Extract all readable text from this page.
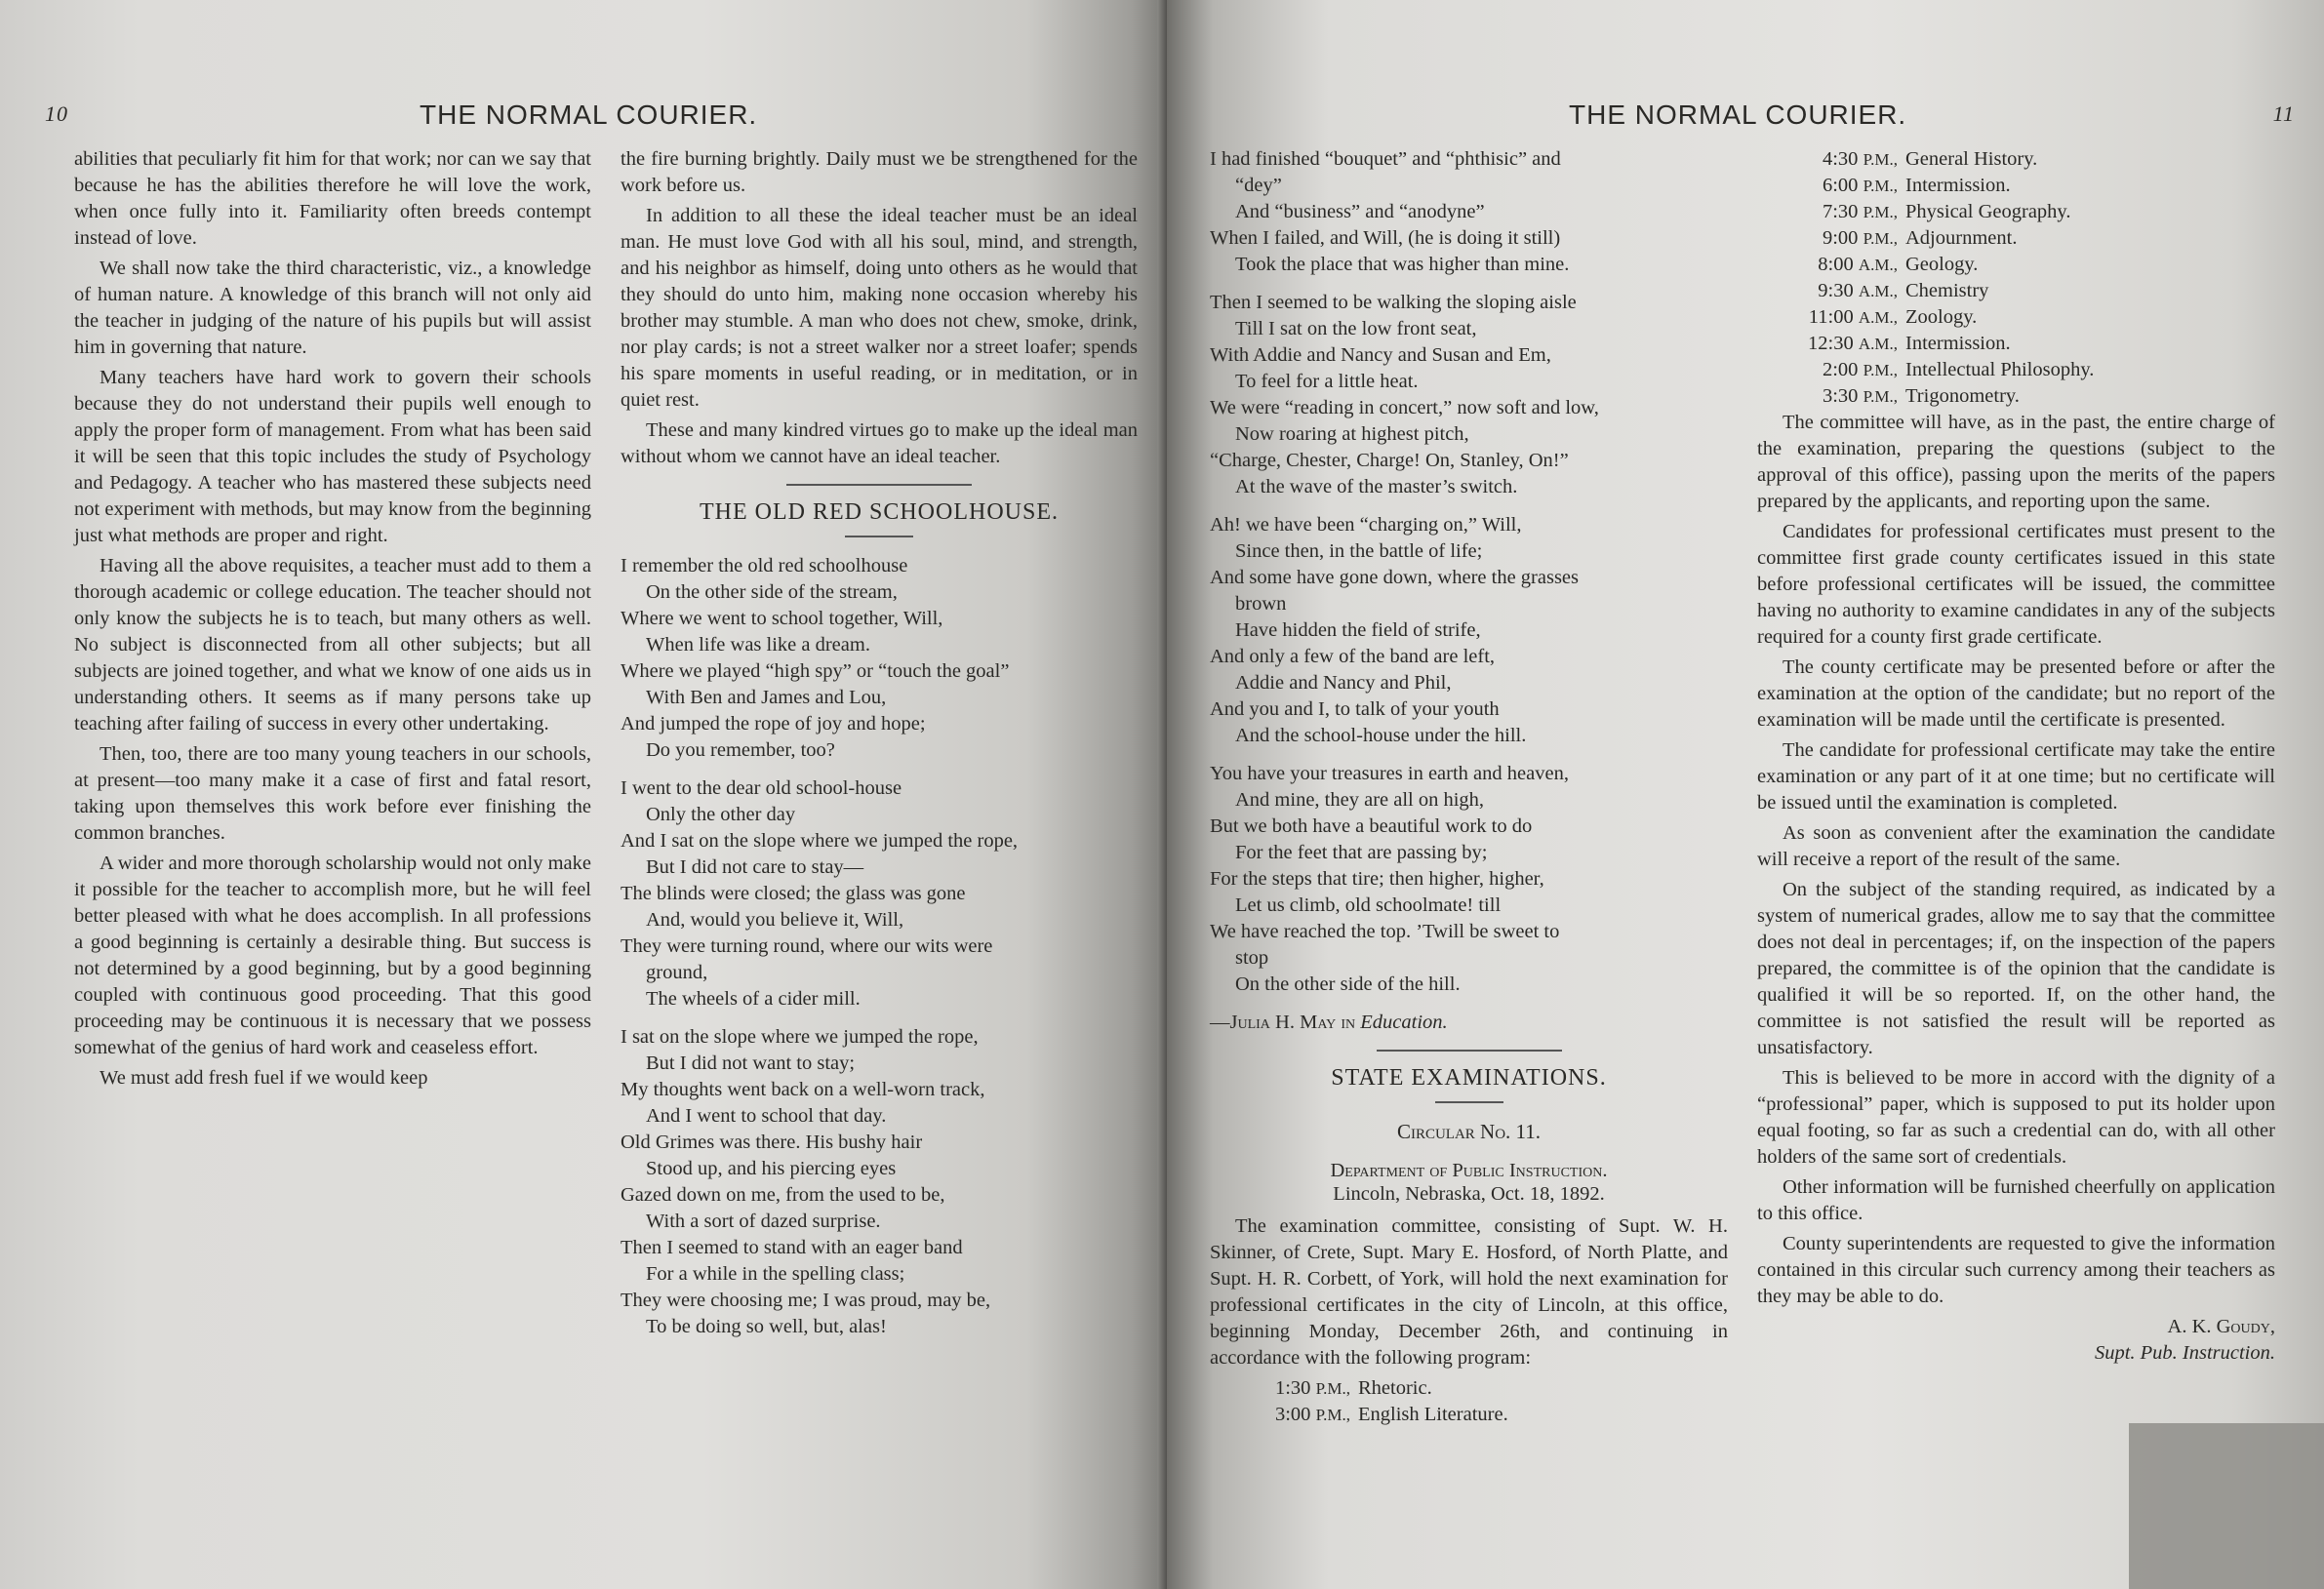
10	THE NORMAL COURIER.

abilities that peculiarly fit him for that work; nor can we say that because he has the abilities therefore he will love the work, when once fully into it. Familiarity often breeds contempt instead of love.

We shall now take the third characteristic, viz., a knowledge of human nature. A knowledge of this branch will not only aid the teacher in judging of the nature of his pupils but will assist him in governing that nature.

Many teachers have hard work to govern their schools because they do not understand their pupils well enough to apply the proper form of management. From what has been said it will be seen that this topic includes the study of Psychology and Pedagogy. A teacher who has mastered these subjects need not experiment with methods, but may know from the beginning just what methods are proper and right.

Having all the above requisites, a teacher must add to them a thorough academic or college education. The teacher should not only know the subjects he is to teach, but many others as well. No subject is disconnected from all other subjects; but all subjects are joined together, and what we know of one aids us in understanding others. It seems as if many persons take up teaching after failing of success in every other undertaking.

Then, too, there are too many young teachers in our schools, at present—too many make it a case of first and fatal resort, taking upon themselves this work before ever finishing the common branches.

A wider and more thorough scholarship would not only make it possible for the teacher to accomplish more, but he will feel better pleased with what he does accomplish. In all professions a good beginning is certainly a desirable thing. But success is not determined by a good beginning, but by a good beginning coupled with continuous good proceeding. That this good proceeding may be continuous it is necessary that we possess somewhat of the genius of hard work and ceaseless effort.

We must add fresh fuel if we would keep

the fire burning brightly. Daily must we be strengthened for the work before us.

In addition to all these the ideal teacher must be an ideal man. He must love God with all his soul, mind, and strength, and his neighbor as himself, doing unto others as he would that they should do unto him, making none occasion whereby his brother may stumble. A man who does not chew, smoke, drink, nor play cards; is not a street walker nor a street loafer; spends his spare moments in useful reading, or in meditation, or in quiet rest.

These and many kindred virtues go to make up the ideal man without whom we cannot have an ideal teacher.

THE OLD RED SCHOOLHOUSE.
I remember the old red schoolhouse
On the other side of the stream,
Where we went to school together, Will,
When life was like a dream.
Where we played “high spy” or “touch the goal”
With Ben and James and Lou,
And jumped the rope of joy and hope;
Do you remember, too?
I went to the dear old school-house
Only the other day
And I sat on the slope where we jumped the rope,
But I did not care to stay—
The blinds were closed; the glass was gone
And, would you believe it, Will,
They were turning round, where our wits were
ground,
The wheels of a cider mill.
I sat on the slope where we jumped the rope,
But I did not want to stay;
My thoughts went back on a well-worn track,
And I went to school that day.
Old Grimes was there. His bushy hair
Stood up, and his piercing eyes
Gazed down on me, from the used to be,
With a sort of dazed surprise.
Then I seemed to stand with an eager band
For a while in the spelling class;
They were choosing me; I was proud, may be,
To be doing so well, but, alas!
THE NORMAL COURIER.	11
I had finished “bouquet” and “phthisic” and
“dey”
And “business” and “anodyne”
When I failed, and Will, (he is doing it still)
Took the place that was higher than mine.
Then I seemed to be walking the sloping aisle
Till I sat on the low front seat,
With Addie and Nancy and Susan and Em,
To feel for a little heat.
We were “reading in concert,” now soft and low,
Now roaring at highest pitch,
“Charge, Chester, Charge! On, Stanley, On!”
At the wave of the master’s switch.
Ah! we have been “charging on,” Will,
Since then, in the battle of life;
And some have gone down, where the grasses
brown
Have hidden the field of strife,
And only a few of the band are left,
Addie and Nancy and Phil,
And you and I, to talk of your youth
And the school-house under the hill.
You have your treasures in earth and heaven,
And mine, they are all on high,
But we both have a beautiful work to do
For the feet that are passing by;
For the steps that tire; then higher, higher,
Let us climb, old schoolmate! till
We have reached the top. ’Twill be sweet to
stop
On the other side of the hill.
—Julia H. May in Education.
STATE EXAMINATIONS.
Circular No. 11.
Department of Public Instruction.
Lincoln, Nebraska, Oct. 18, 1892.

The examination committee, consisting of Supt. W. H. Skinner, of Crete, Supt. Mary E. Hosford, of North Platte, and Supt. H. R. Corbett, of York, will hold the next examination for professional certificates in the city of Lincoln, at this office, beginning Monday, December 26th, and continuing in accordance with the following program:

1:30 P.M., Rhetoric.
3:00 P.M., English Literature.
4:30 P.M., General History.
6:00 P.M., Intermission.
7:30 P.M., Physical Geography.
9:00 P.M., Adjournment.
8:00 A.M., Geology.
9:30 A.M., Chemistry
11:00 A.M., Zoology.
12:30 A.M., Intermission.
2:00 P.M., Intellectual Philosophy.
3:30 P.M., Trigonometry.

The committee will have, as in the past, the entire charge of the examination, preparing the questions (subject to the approval of this office), passing upon the merits of the papers prepared by the applicants, and reporting upon the same.

Candidates for professional certificates must present to the committee first grade county certificates issued in this state before professional certificates will be issued, the committee having no authority to examine candidates in any of the subjects required for a county first grade certificate.

The county certificate may be presented before or after the examination at the option of the candidate; but no report of the examination will be made until the certificate is presented.

The candidate for professional certificate may take the entire examination or any part of it at one time; but no certificate will be issued until the examination is completed.

As soon as convenient after the examination the candidate will receive a report of the result of the same.

On the subject of the standing required, as indicated by a system of numerical grades, allow me to say that the committee does not deal in percentages; if, on the inspection of the papers prepared, the committee is of the opinion that the candidate is qualified it will be so reported. If, on the other hand, the committee is not satisfied the result will be reported as unsatisfactory.

This is believed to be more in accord with the dignity of a “professional” paper, which is supposed to put its holder upon equal footing, so far as such a credential can do, with all other holders of the same sort of credentials.

Other information will be furnished cheerfully on application to this office.

County superintendents are requested to give the information contained in this circular such currency among their teachers as they may be able to do.

A. K. Goudy,
Supt. Pub. Instruction.
